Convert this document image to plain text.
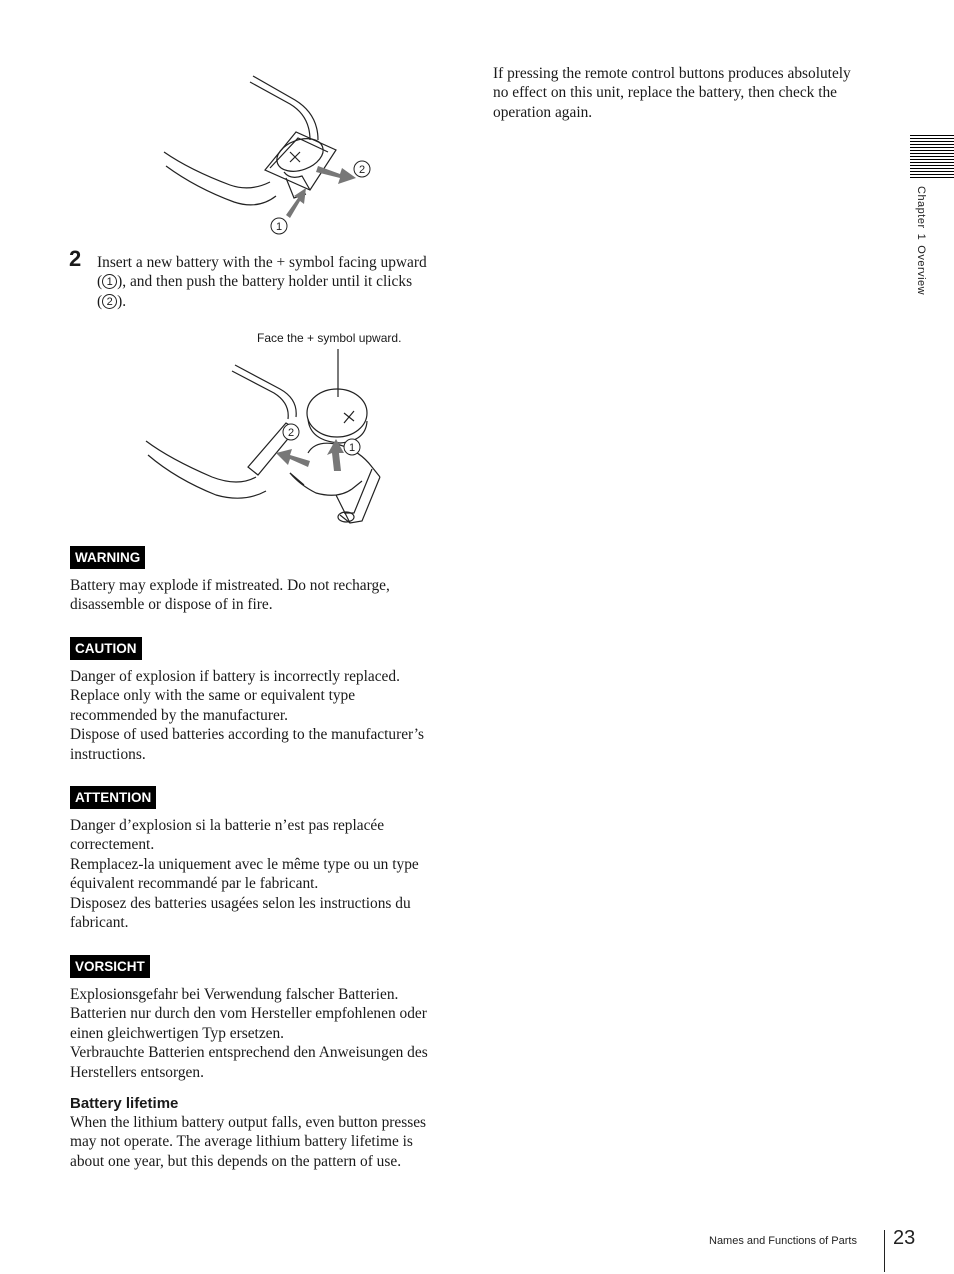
2
1
2 Insert a new battery with the + symbol facing upward
( 1 ), and then push the battery holder until it clicks
( 2 ).
Face the + symbol upward.
2
1
WARNING
Battery may explode if mistreated. Do not recharge,
disassemble or dispose of in fire.
CAUTION
Danger of explosion if battery is incorrectly replaced.
Replace only with the same or equivalent type
recommended by the manufacturer.
Dispose of used batteries according to the manufacturer’s
instructions.
ATTENTION
Danger d’explosion si la batterie n’est pas replacée
correctement.
Remplacez-la uniquement avec le même type ou un type
équivalent recommandé par le fabricant.
Disposez des batteries usagées selon les instructions du
fabricant.
VORSICHT
Explosionsgefahr bei Verwendung falscher Batterien.
Batterien nur durch den vom Hersteller empfohlenen oder
einen gleichwertigen Typ ersetzen.
Verbrauchte Batterien entsprechend den Anweisungen des
Herstellers entsorgen.
Battery lifetime
When the lithium battery output falls, even button presses
may not operate. The average lithium battery lifetime is
about one year, but this depends on the pattern of use.
If pressing the remote control buttons produces absolutely
no effect on this unit, replace the battery, then check the
operation again.
Chapter1Overview
Names and Functions of Parts 23
